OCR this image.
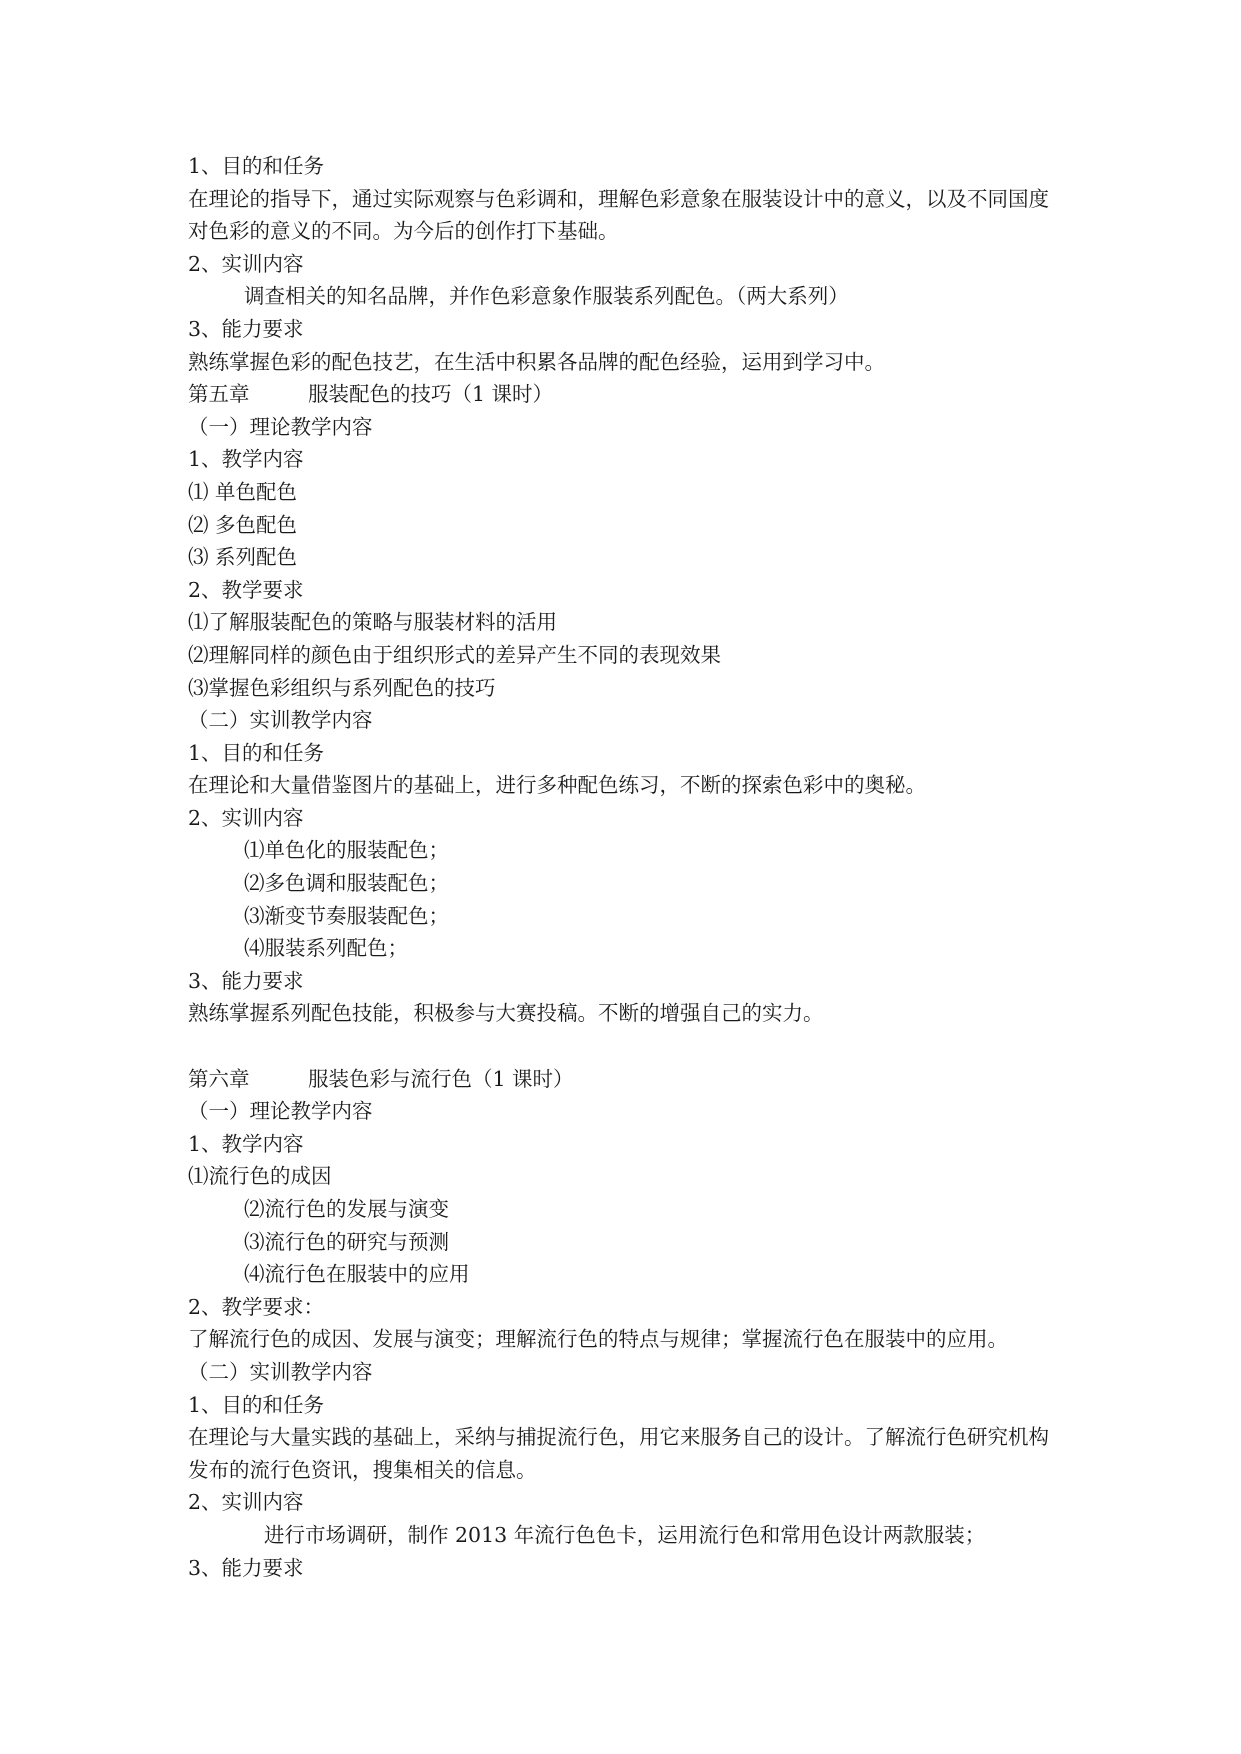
1、目的和任务
在理论的指导下，通过实际观察与色彩调和，理解色彩意象在服装设计中的意义，以及不同国度对色彩的意义的不同。为今后的创作打下基础。
2、实训内容
调查相关的知名品牌，并作色彩意象作服装系列配色。（两大系列）
3、能力要求
熟练掌握色彩的配色技艺，在生活中积累各品牌的配色经验，运用到学习中。
第五章	服装配色的技巧（1 课时）
（一）理论教学内容
1、教学内容
⑴ 单色配色
⑵ 多色配色
⑶ 系列配色
2、教学要求
⑴了解服装配色的策略与服装材料的活用
⑵理解同样的颜色由于组织形式的差异产生不同的表现效果
⑶掌握色彩组织与系列配色的技巧
（二）实训教学内容
1、目的和任务
在理论和大量借鉴图片的基础上，进行多种配色练习，不断的探索色彩中的奥秘。
2、实训内容
⑴单色化的服装配色；
⑵多色调和服装配色；
⑶渐变节奏服装配色；
⑷服装系列配色；
3、能力要求
熟练掌握系列配色技能，积极参与大赛投稿。不断的增强自己的实力。
第六章	服装色彩与流行色（1 课时）
（一）理论教学内容
1、教学内容
⑴流行色的成因
⑵流行色的发展与演变
⑶流行色的研究与预测
⑷流行色在服装中的应用
2、教学要求：
了解流行色的成因、发展与演变；理解流行色的特点与规律；掌握流行色在服装中的应用。
（二）实训教学内容
1、目的和任务
在理论与大量实践的基础上，采纳与捕捉流行色，用它来服务自己的设计。了解流行色研究机构发布的流行色资讯，搜集相关的信息。
2、实训内容
进行市场调研，制作 2013 年流行色色卡，运用流行色和常用色设计两款服装；
3、能力要求
